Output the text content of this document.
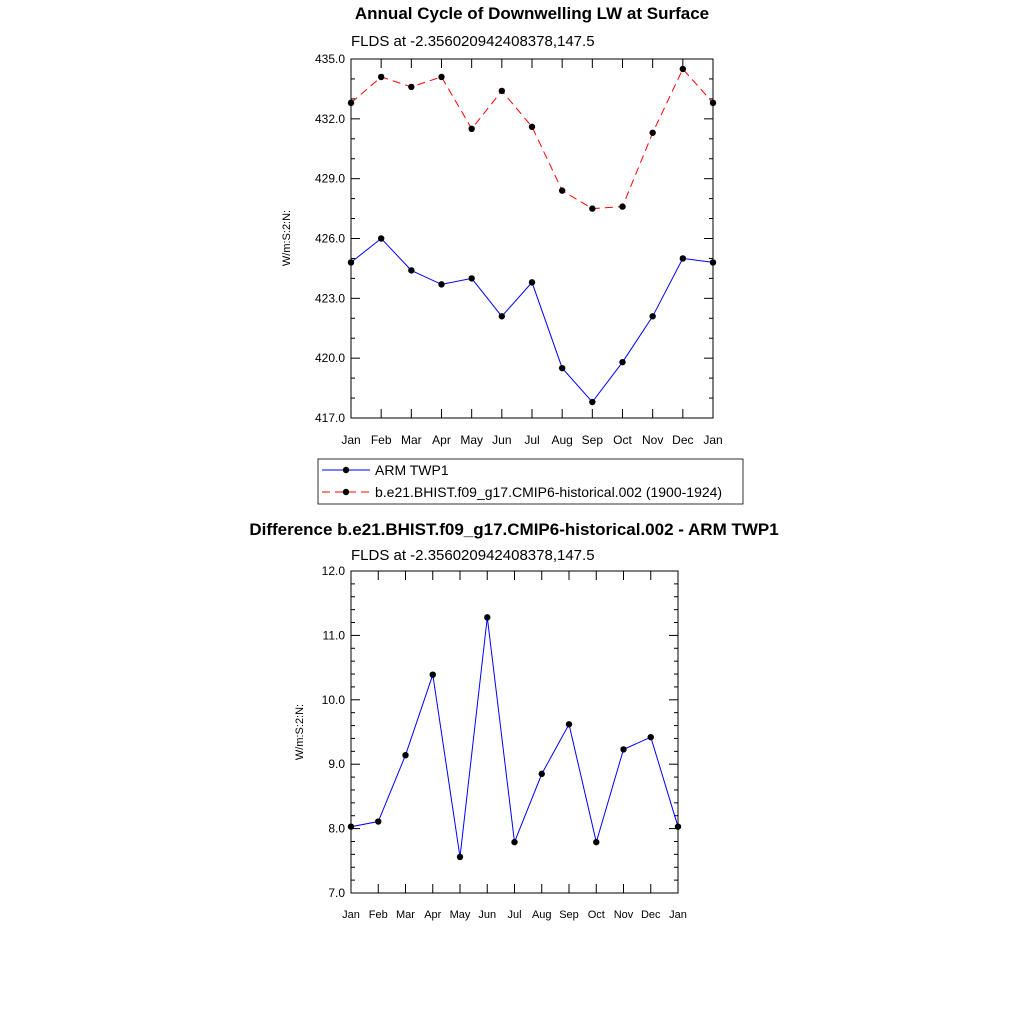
Annual Cycle of Downwelling LW at Surface
FLDS at -2.356020942408378,147.5
W/m:S:2:N:
417.0
420.0
423.0
426.0
429.0
432.0
435.0
Jan Feb Mar Apr May Jun Jul Aug Sep Oct Nov Dec Jan
ARM TWP1
b.e21.BHIST.f09_g17.CMIP6-historical.002 (1900-1924)
Difference b.e21.BHIST.f09_g17.CMIP6-historical.002 - ARM TWP1
FLDS at -2.356020942408378,147.5
W/m:S:2:N:
7.0
8.0
9.0
10.0
11.0
12.0
Jan Feb Mar Apr May Jun Jul Aug Sep Oct Nov Dec Jan
